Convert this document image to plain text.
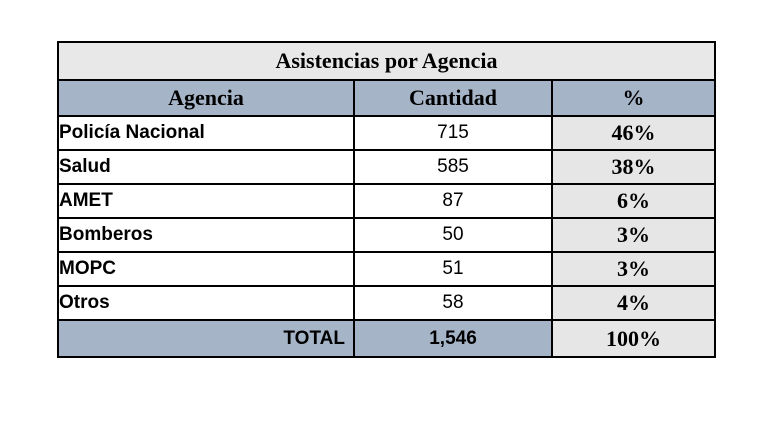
Asistencias por Agencia		
Agencia	Cantidad	%
Policía Nacional	715	46%
Salud	585	38%
AMET	87	6%
Bomberos	50	3%
MOPC	51	3%
Otros	58	4%
TOTAL	1,546	100%
